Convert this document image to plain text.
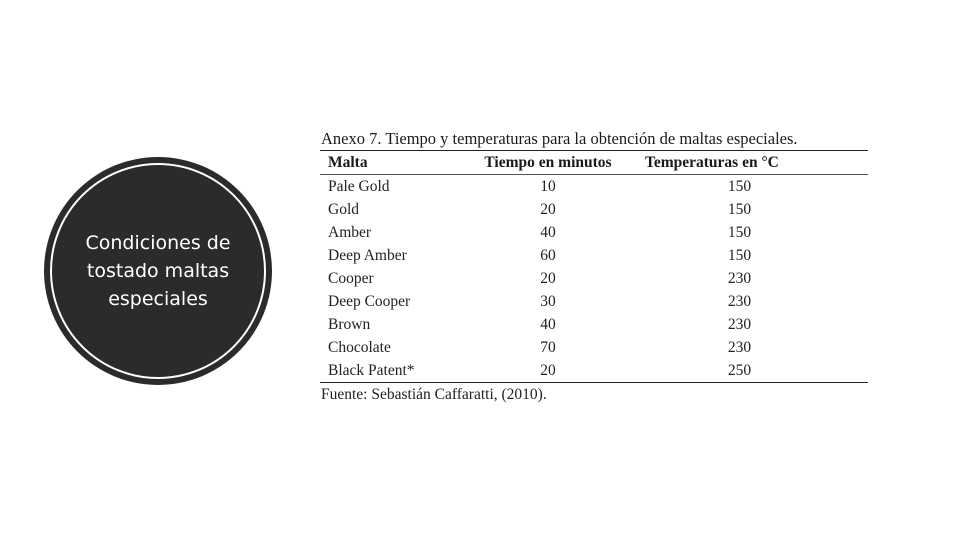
Condiciones de tostado maltas especiales
Anexo 7. Tiempo y temperaturas para la obtención de maltas especiales.
Malta	Tiempo en minutos	Temperaturas en °C
Pale Gold	10	150
Gold	20	150
Amber	40	150
Deep Amber	60	150
Cooper	20	230
Deep Cooper	30	230
Brown	40	230
Chocolate	70	230
Black Patent*	20	250
Fuente: Sebastián Caffaratti, (2010).
